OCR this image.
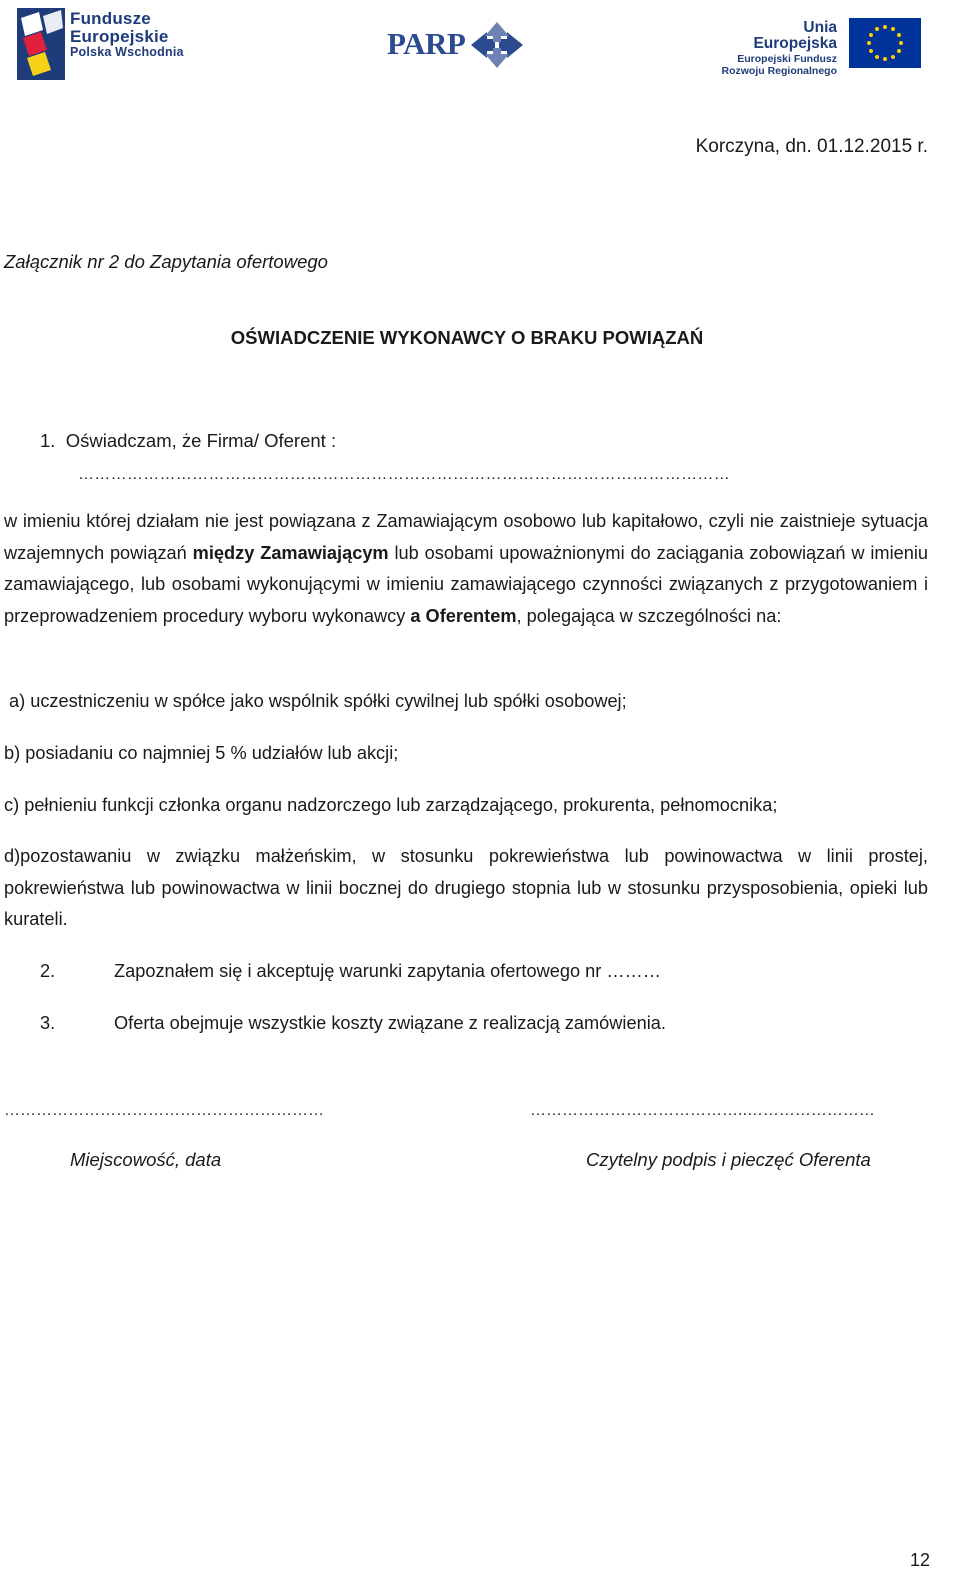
Fundusze
Europejskie
Polska Wschodnia	PARP	Unia Europejska
Europejski Fundusz
Rozwoju Regionalnego
Korczyna, dn. 01.12.2015 r.
Załącznik nr 2 do Zapytania ofertowego
OŚWIADCZENIE WYKONAWCY O BRAKU POWIĄZAŃ
1. Oświadczam, że Firma/ Oferent :
…………………………………………………………………………………………………………
w imieniu której działam nie jest powiązana z Zamawiającym osobowo lub kapitałowo, czyli nie zaistnieje sytuacja wzajemnych powiązań między Zamawiającym lub osobami upoważnionymi do zaciągania zobowiązań w imieniu zamawiającego, lub osobami wykonującymi w imieniu zamawiającego czynności związanych z przygotowaniem i przeprowadzeniem procedury wyboru wykonawcy a Oferentem, polegająca w szczególności na:
a) uczestniczeniu w spółce jako wspólnik spółki cywilnej lub spółki osobowej;
b) posiadaniu co najmniej 5 % udziałów lub akcji;
c) pełnieniu funkcji członka organu nadzorczego lub zarządzającego, prokurenta, pełnomocnika;
d)pozostawaniu w związku małżeńskim, w stosunku pokrewieństwa lub powinowactwa w linii prostej, pokrewieństwa lub powinowactwa w linii bocznej do drugiego stopnia lub w stosunku przysposobienia, opieki lub kurateli.
2.	Zapoznałem się i akceptuję warunki zapytania ofertowego nr ………
3.	Oferta obejmuje wszystkie koszty związane z realizacją zamówienia.
……………………………………………………	…………………………………..……………………
Miejscowość, data	Czytelny podpis i pieczęć Oferenta
12
